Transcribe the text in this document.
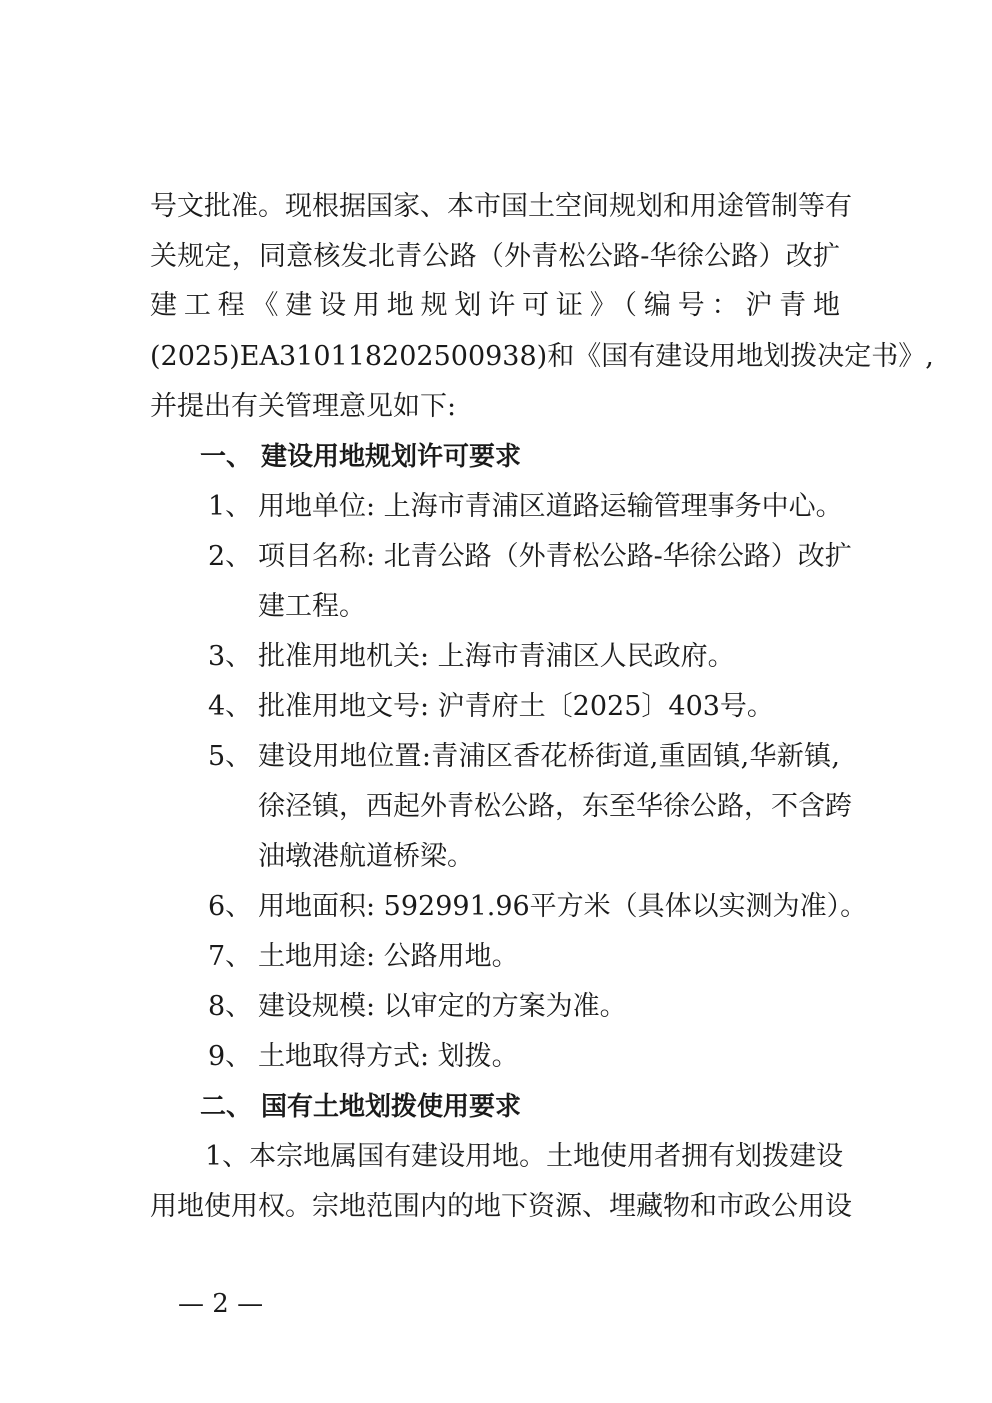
号文批准。现根据国家、本市国土空间规划和用途管制等有
关规定，同意核发北青公路（外青松公路-华徐公路）改扩
建工程《建设用地规划许可证》（编号：沪青地
(2025)EA310118202500938)和《国有建设用地划拨决定书》,
并提出有关管理意见如下:
一、 建设用地规划许可要求
1、 用地单位: 上海市青浦区道路运输管理事务中心。
2、 项目名称: 北青公路（外青松公路-华徐公路）改扩
建工程。
3、 批准用地机关: 上海市青浦区人民政府。
4、 批准用地文号: 沪青府土〔2025〕403号。
5、 建设用地位置:青浦区香花桥街道,重固镇,华新镇,
徐泾镇，西起外青松公路，东至华徐公路，不含跨
油墩港航道桥梁。
6、 用地面积: 592991.96平方米（具体以实测为准）。
7、 土地用途: 公路用地。
8、 建设规模: 以审定的方案为准。
9、 土地取得方式: 划拨。
二、 国有土地划拨使用要求
1、本宗地属国有建设用地。土地使用者拥有划拨建设
用地使用权。宗地范围内的地下资源、埋藏物和市政公用设
— 2 —
